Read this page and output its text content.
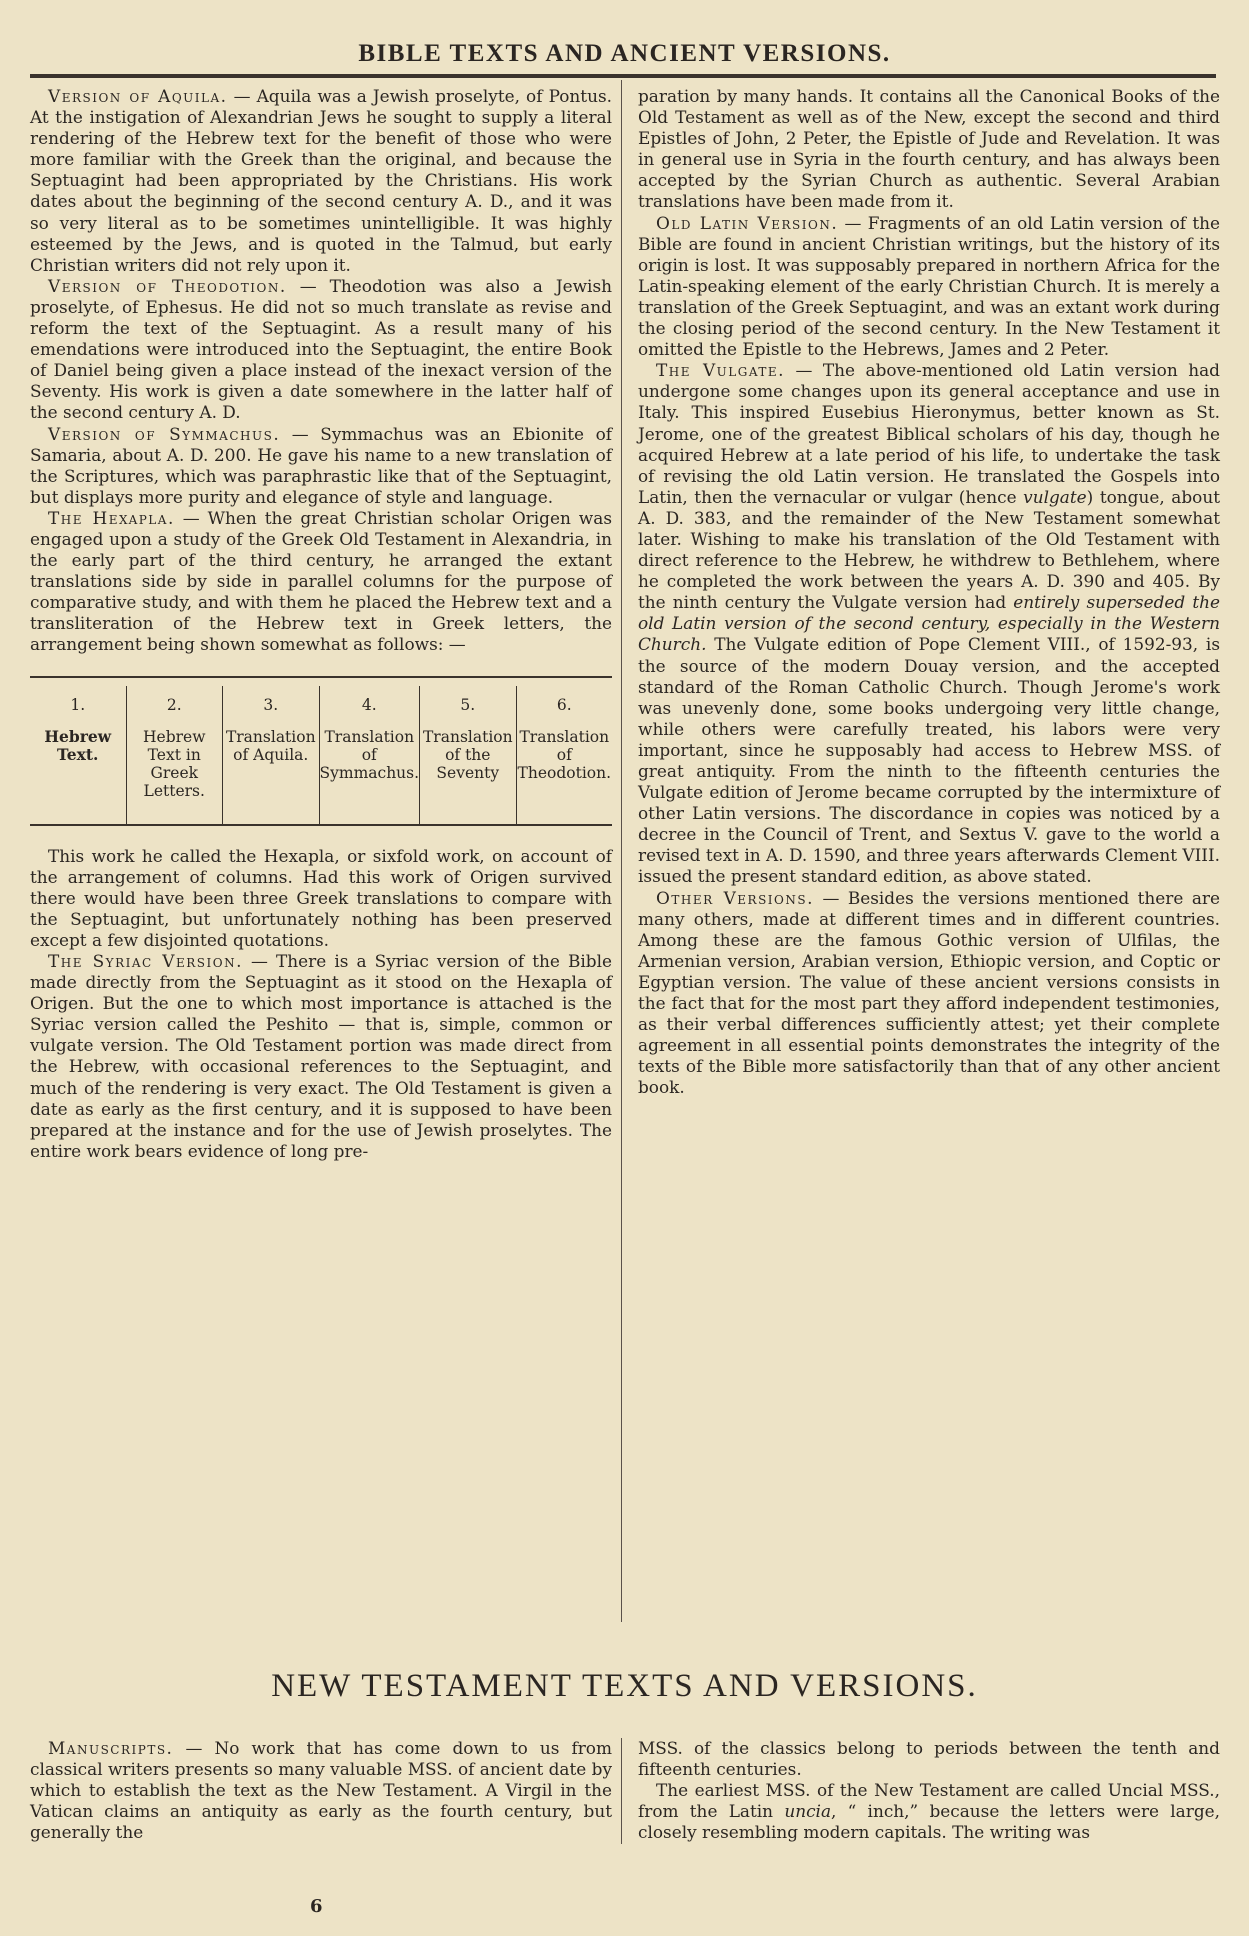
BIBLE TEXTS AND ANCIENT VERSIONS.

Version of Aquila. — Aquila was a Jewish proselyte, of Pontus. At the instigation of Alexandrian Jews he sought to supply a literal rendering of the Hebrew text for the benefit of those who were more familiar with the Greek than the original, and because the Septuagint had been appropriated by the Christians. His work dates about the beginning of the second century A. D., and it was so very literal as to be sometimes unintelligible. It was highly esteemed by the Jews, and is quoted in the Talmud, but early Christian writers did not rely upon it.

Version of Theodotion. — Theodotion was also a Jewish proselyte, of Ephesus. He did not so much translate as revise and reform the text of the Septuagint. As a result many of his emendations were introduced into the Septuagint, the entire Book of Daniel being given a place instead of the inexact version of the Seventy. His work is given a date somewhere in the latter half of the second century A. D.

Version of Symmachus. — Symmachus was an Ebionite of Samaria, about A. D. 200. He gave his name to a new translation of the Scriptures, which was paraphrastic like that of the Septuagint, but displays more purity and elegance of style and language.

The Hexapla. — When the great Christian scholar Origen was engaged upon a study of the Greek Old Testament in Alexandria, in the early part of the third century, he arranged the extant translations side by side in parallel columns for the purpose of comparative study, and with them he placed the Hebrew text and a transliteration of the Hebrew text in Greek letters, the arrangement being shown somewhat as follows: —

1.
Hebrew Text.
2.
Hebrew Text in Greek Letters.
3.
Translation of Aquila.
4.
Translation of Symmachus.
5.
Translation of the Seventy
6.
Translation of Theodotion.

This work he called the Hexapla, or sixfold work, on account of the arrangement of columns. Had this work of Origen survived there would have been three Greek translations to compare with the Septuagint, but unfortunately nothing has been preserved except a few disjointed quotations.

The Syriac Version. — There is a Syriac version of the Bible made directly from the Septuagint as it stood on the Hexapla of Origen. But the one to which most importance is attached is the Syriac version called the Peshito — that is, simple, common or vulgate version. The Old Testament portion was made direct from the Hebrew, with occasional references to the Septuagint, and much of the rendering is very exact. The Old Testament is given a date as early as the first century, and it is supposed to have been prepared at the instance and for the use of Jewish proselytes. The entire work bears evidence of long pre-

paration by many hands. It contains all the Canonical Books of the Old Testament as well as of the New, except the second and third Epistles of John, 2 Peter, the Epistle of Jude and Revelation. It was in general use in Syria in the fourth century, and has always been accepted by the Syrian Church as authentic. Several Arabian translations have been made from it.

Old Latin Version. — Fragments of an old Latin version of the Bible are found in ancient Christian writings, but the history of its origin is lost. It was supposably prepared in northern Africa for the Latin-speaking element of the early Christian Church. It is merely a translation of the Greek Septuagint, and was an extant work during the closing period of the second century. In the New Testament it omitted the Epistle to the Hebrews, James and 2 Peter.

The Vulgate. — The above-mentioned old Latin version had undergone some changes upon its general acceptance and use in Italy. This inspired Eusebius Hieronymus, better known as St. Jerome, one of the greatest Biblical scholars of his day, though he acquired Hebrew at a late period of his life, to undertake the task of revising the old Latin version. He translated the Gospels into Latin, then the vernacular or vulgar (hence vulgate) tongue, about A. D. 383, and the remainder of the New Testament somewhat later. Wishing to make his translation of the Old Testament with direct reference to the Hebrew, he withdrew to Bethlehem, where he completed the work between the years A. D. 390 and 405. By the ninth century the Vulgate version had entirely superseded the old Latin version of the second century, especially in the Western Church. The Vulgate edition of Pope Clement VIII., of 1592-93, is the source of the modern Douay version, and the accepted standard of the Roman Catholic Church. Though Jerome's work was unevenly done, some books undergoing very little change, while others were carefully treated, his labors were very important, since he supposably had access to Hebrew MSS. of great antiquity. From the ninth to the fifteenth centuries the Vulgate edition of Jerome became corrupted by the intermixture of other Latin versions. The discordance in copies was noticed by a decree in the Council of Trent, and Sextus V. gave to the world a revised text in A. D. 1590, and three years afterwards Clement VIII. issued the present standard edition, as above stated.

Other Versions. — Besides the versions mentioned there are many others, made at different times and in different countries. Among these are the famous Gothic version of Ulfilas, the Armenian version, Arabian version, Ethiopic version, and Coptic or Egyptian version. The value of these ancient versions consists in the fact that for the most part they afford independent testimonies, as their verbal differences sufficiently attest; yet their complete agreement in all essential points demonstrates the integrity of the texts of the Bible more satisfactorily than that of any other ancient book.

NEW TESTAMENT TEXTS AND VERSIONS.

Manuscripts. — No work that has come down to us from classical writers presents so many valuable MSS. of ancient date by which to establish the text as the New Testament. A Virgil in the Vatican claims an antiquity as early as the fourth century, but generally the

MSS. of the classics belong to periods between the tenth and fifteenth centuries.

The earliest MSS. of the New Testament are called Uncial MSS., from the Latin uncia, “ inch,” because the letters were large, closely resembling modern capitals. The writing was

6
